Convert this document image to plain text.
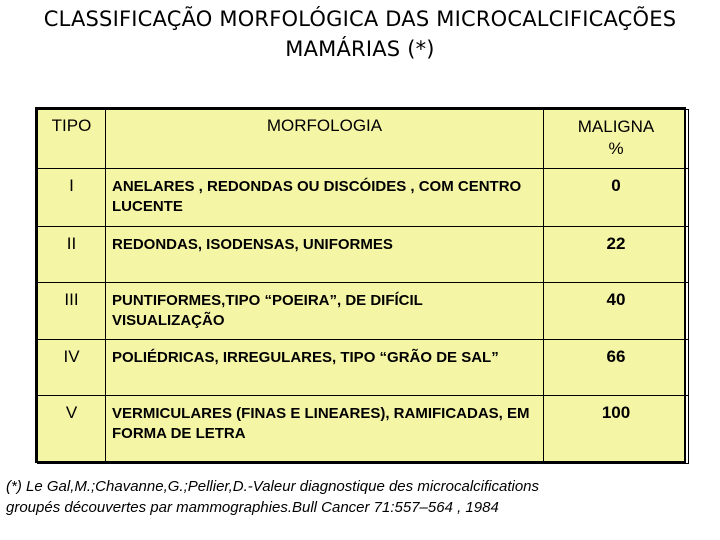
CLASSIFICAÇÃO MORFOLÓGICA DAS MICROCALCIFICAÇÕES
MAMÁRIAS (*)
TIPO	MORFOLOGIA	MALIGNA
%

I	ANELARES , REDONDAS OU DISCÓIDES , COM CENTRO LUCENTE	0
II	REDONDAS, ISODENSAS, UNIFORMES	22
III	PUNTIFORMES,TIPO “POEIRA”, DE DIFÍCIL VISUALIZAÇÃO	40
IV	POLIÉDRICAS, IRREGULARES, TIPO “GRÃO DE SAL”	66
V	VERMICULARES (FINAS E LINEARES), RAMIFICADAS, EM FORMA DE LETRA	100
(*) Le Gal,M.;Chavanne,G.;Pellier,D.-Valeur diagnostique des microcalcifications
groupés découvertes par mammographies.Bull Cancer 71:557–564 , 1984
